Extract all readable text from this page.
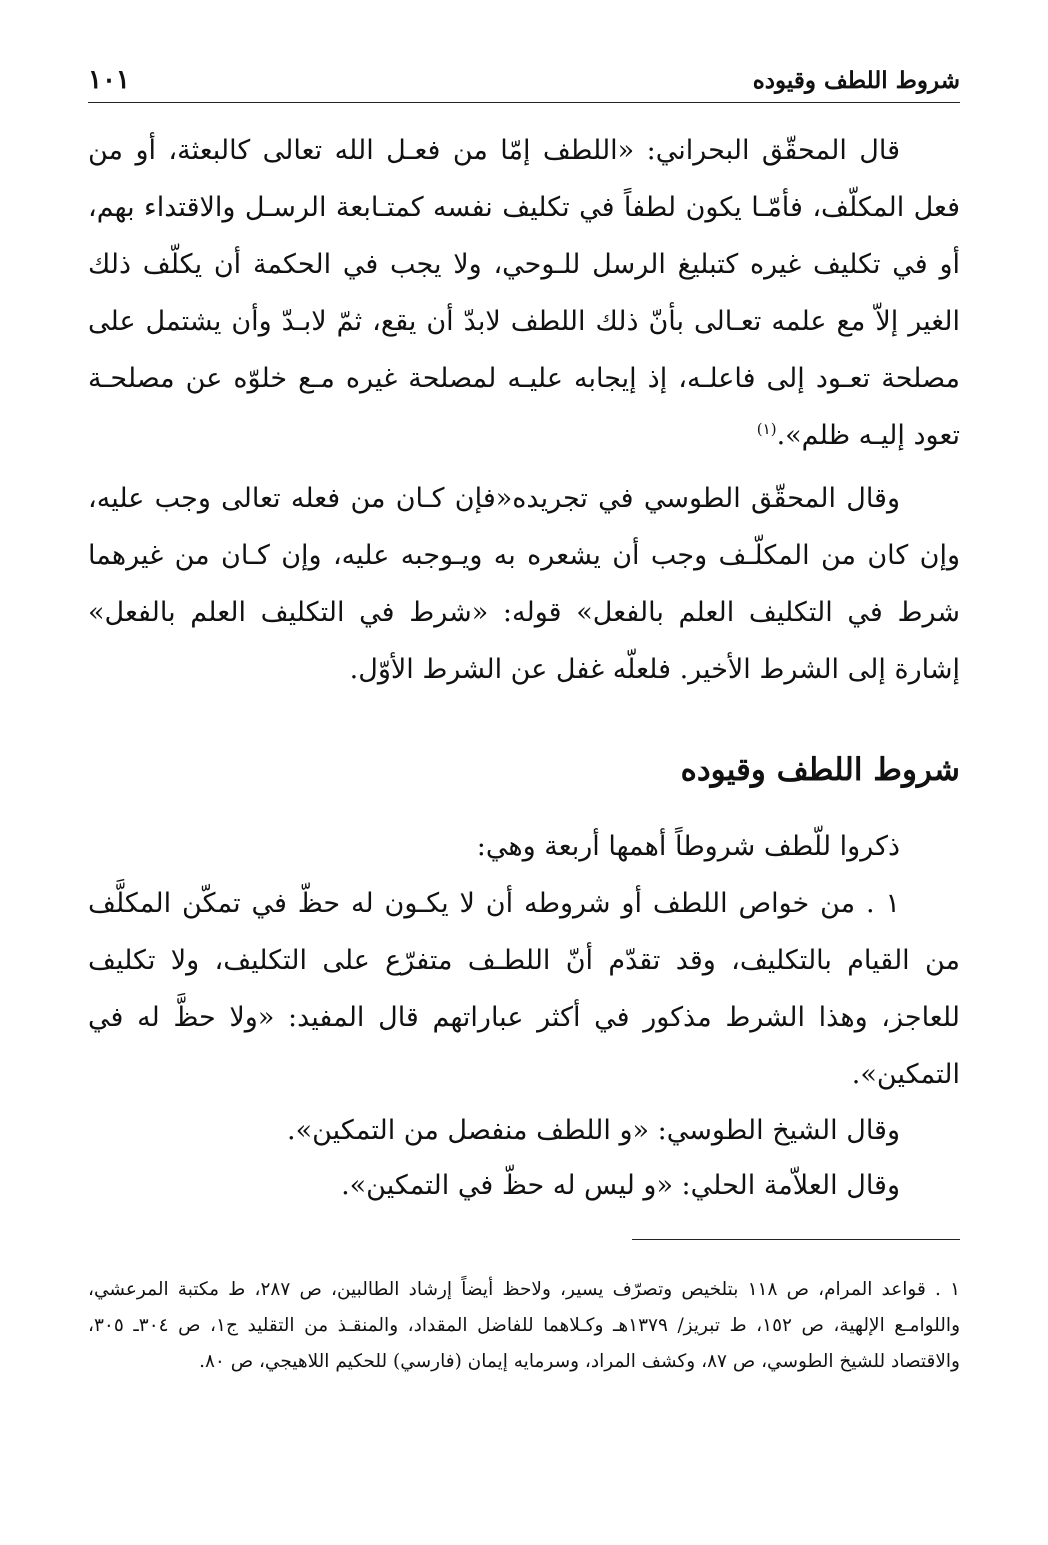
شروط اللطف وقيوده
١٠١

قال المحقّق البحراني: «اللطف إمّا من فعـل الله تعالى كالبعثة، أو من فعل المكلّف، فأمّـا يكون لطفاً في تكليف نفسه كمتـابعة الرسـل والاقتداء بهم، أو في تكليف غيره كتبليغ الرسل للـوحي، ولا يجب في الحكمة أن يكلّف ذلك الغير إلاّ مع علمه تعـالى بأنّ ذلك اللطف لابدّ أن يقع، ثمّ لابـدّ وأن يشتمل على مصلحة تعـود إلى فاعلـه، إذ إيجابه عليـه لمصلحة غيره مـع خلوّه عن مصلحـة تعود إليـه ظلم».$^{(١)}$

وقال المحقّق الطوسي في تجريده«فإن كـان من فعله تعالى وجب عليه، وإن كان من المكلّـف وجب أن يشعره به ويـوجبه عليه، وإن كـان من غيرهما شرط في التكليف العلم بالفعل» قوله: «شرط في التكليف العلم بالفعل» إشارة إلى الشرط الأخير. فلعلّه غفل عن الشرط الأوّل.

شروط اللطف وقيوده

ذكروا للّطف شروطاً أهمها أربعة وهي:

١ . من خواص اللطف أو شروطه أن لا يكـون له حظّ في تمكّن المكلَّف من القيام بالتكليف، وقد تقدّم أنّ اللطـف متفرّع على التكليف، ولا تكليف للعاجز، وهذا الشرط مذكور في أكثر عباراتهم قال المفيد: «ولا حظَّ له في التمكين».

وقال الشيخ الطوسي: «و اللطف منفصل من التمكين».

وقال العلاّمة الحلي: «و ليس له حظّ في التمكين».

١ . قواعد المرام، ص ١١٨ بتلخيص وتصرّف يسير، ولاحظ أيضاً إرشاد الطالبين، ص ٢٨٧، ط مكتبة المرعشي، واللوامـع الإلهية، ص ١٥٢، ط تبريز/ ١٣٧٩هـ وكـلاهما للفاضل المقداد، والمنقـذ من التقليد ج١، ص ٣٠٤ـ ٣٠٥، والاقتصاد للشيخ الطوسي، ص ٨٧، وكشف المراد، وسرمايه إيمان (فارسي) للحكيم اللاهيجي، ص ٨٠.
